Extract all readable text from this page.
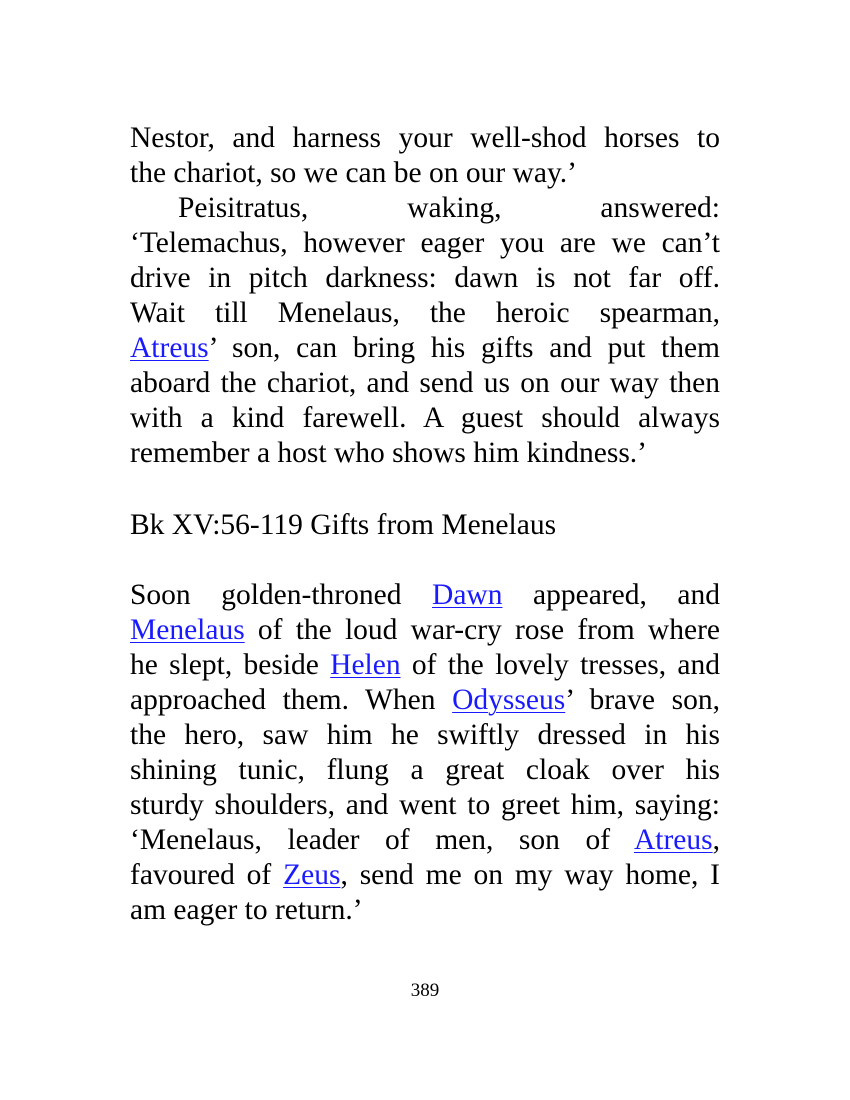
Nestor, and harness your well-shod horses to
the chariot, so we can be on our way.’
Peisitratus, waking, answered:
‘Telemachus, however eager you are we can’t
drive in pitch darkness: dawn is not far off.
Wait till Menelaus, the heroic spearman,
Atreus’ son, can bring his gifts and put them
aboard the chariot, and send us on our way then
with a kind farewell. A guest should always
remember a host who shows him kindness.’
Bk XV:56-119 Gifts from Menelaus
Soon golden-throned Dawn appeared, and
Menelaus of the loud war-cry rose from where
he slept, beside Helen of the lovely tresses, and
approached them. When Odysseus’ brave son,
the hero, saw him he swiftly dressed in his
shining tunic, flung a great cloak over his
sturdy shoulders, and went to greet him, saying:
‘Menelaus, leader of men, son of Atreus,
favoured of Zeus, send me on my way home, I
am eager to return.’
389
